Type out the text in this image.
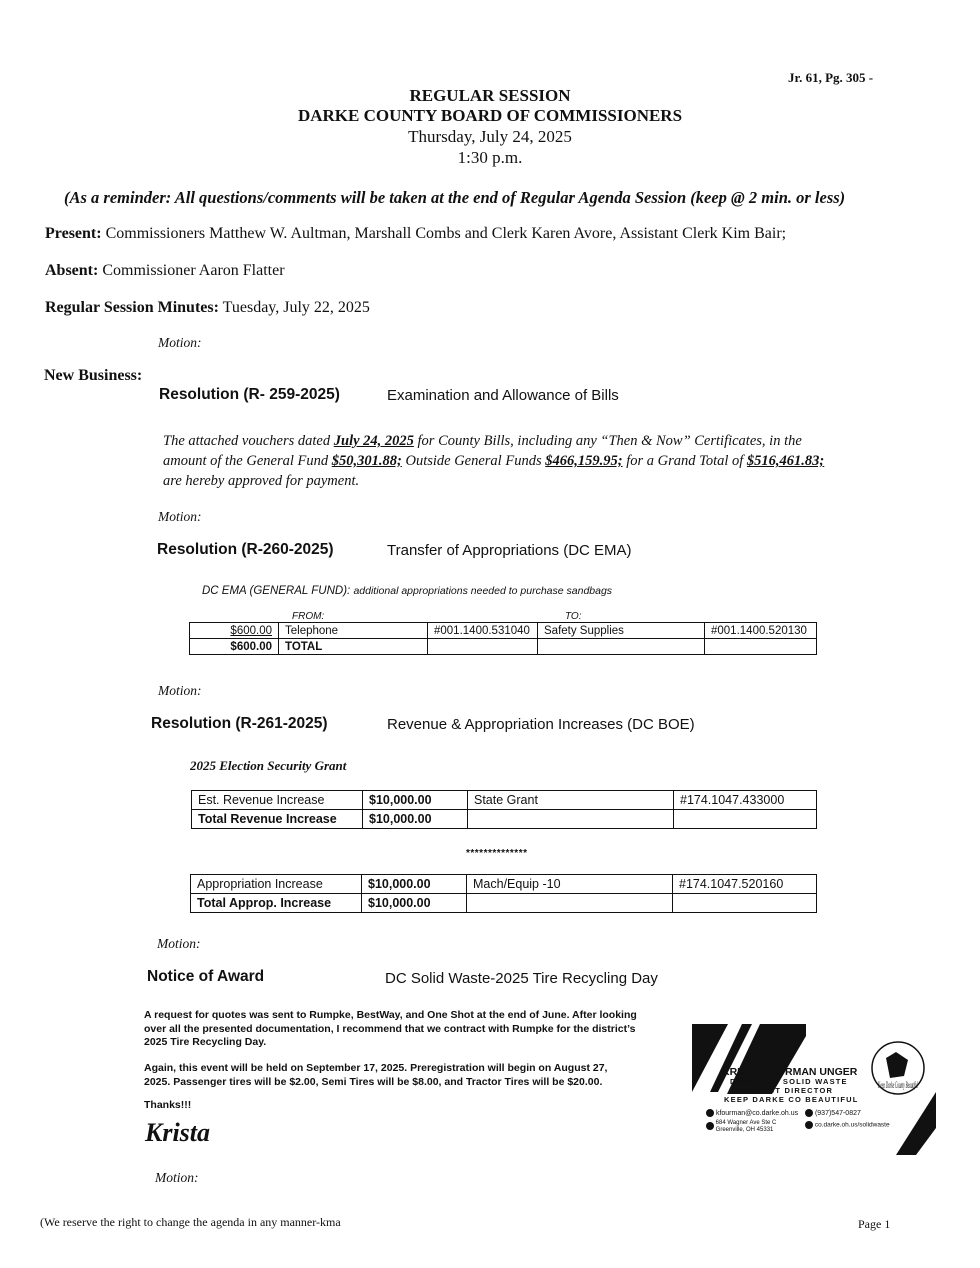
Jr. 61, Pg. 305 -
REGULAR SESSION
DARKE COUNTY BOARD OF COMMISSIONERS
Thursday, July 24, 2025
1:30 p.m.
(As a reminder: All questions/comments will be taken at the end of Regular Agenda Session (keep @ 2 min. or less)
Present: Commissioners Matthew W. Aultman, Marshall Combs and Clerk Karen Avore, Assistant Clerk Kim Bair;
Absent: Commissioner Aaron Flatter
Regular Session Minutes: Tuesday, July 22, 2025
Motion:
New Business:
Resolution (R- 259-2025)	Examination and Allowance of Bills
The attached vouchers dated July 24, 2025 for County Bills, including any “Then & Now” Certificates, in the
amount of the General Fund $50,301.88; Outside General Funds $466,159.95; for a Grand Total of $516,461.83;
are hereby approved for payment.
Motion:
Resolution (R-260-2025)	Transfer of Appropriations (DC EMA)
DC EMA (GENERAL FUND): additional appropriations needed to purchase sandbags
FROM:	TO:
$600.00	Telephone	#001.1400.531040	Safety Supplies	#001.1400.520130
$600.00	TOTAL			
Motion:
Resolution (R-261-2025)	Revenue & Appropriation Increases (DC BOE)
2025 Election Security Grant
Est. Revenue Increase	$10,000.00	State Grant	#174.1047.433000
Total Revenue Increase	$10,000.00		
**************
Appropriation Increase	$10,000.00	Mach/Equip -10	#174.1047.520160
Total Approp. Increase	$10,000.00		
Motion:
Notice of Award	DC Solid Waste-2025 Tire Recycling Day
A request for quotes was sent to Rumpke, BestWay, and One Shot at the end of June. After looking
over all the presented documentation, I recommend that we contract with Rumpke for the district’s
2025 Tire Recycling Day.
Again, this event will be held on September 17, 2025. Preregistration will begin on August 27,
2025. Passenger tires will be $2.00, Semi Tires will be $8.00, and Tractor Tires will be $20.00.
Thanks!!!
Krista
Keep Darke County Beautiful
KRISTA FOURMAN UNGER
DARKE CO SOLID WASTE
DISTRICT DIRECTOR
KEEP DARKE CO BEAUTIFUL
kfourman@co.darke.oh.us	(937)547-0827

684 Wagner Ave Ste C
Greenville, OH 45331
co.darke.oh.us/solidwaste
Motion:
(We reserve the right to change the agenda in any manner-kma	Page 1
